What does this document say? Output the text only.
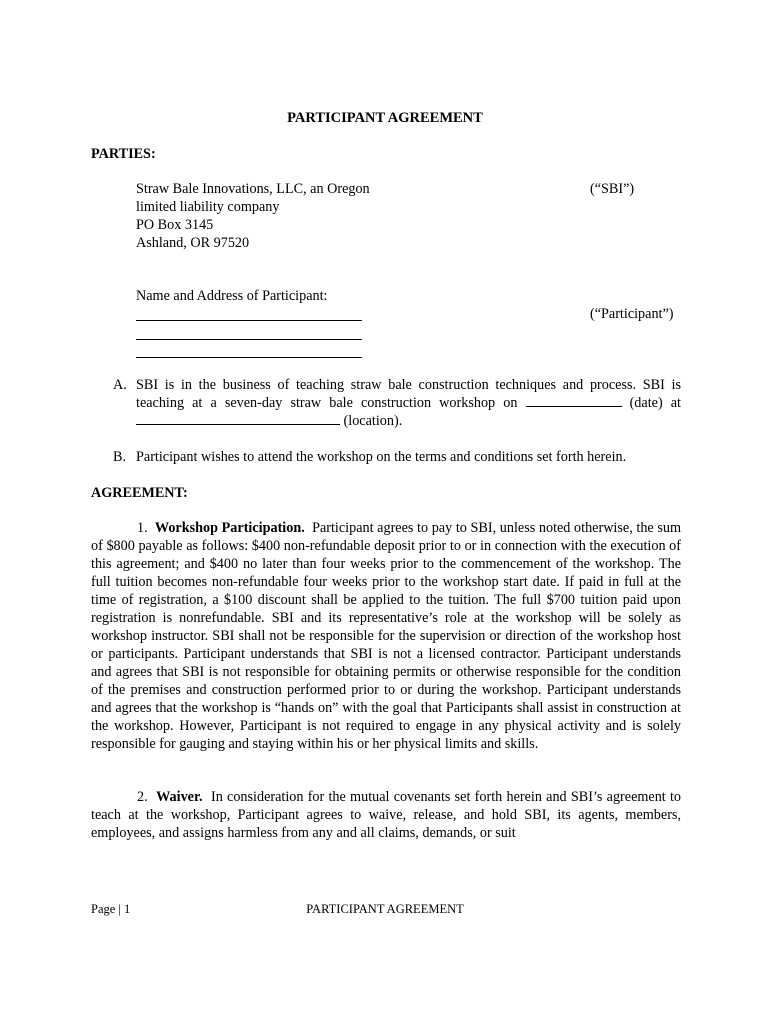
PARTICIPANT AGREEMENT
PARTIES:
Straw Bale Innovations, LLC, an Oregon
limited liability company
PO Box 3145
Ashland, OR 97520
(“SBI”)
Name and Address of Participant:
(“Participant”)
A. SBI is in the business of teaching straw bale construction techniques and process. SBI is teaching at a seven-day straw bale construction workshop on	(date) at  (location).
B. Participant wishes to attend the workshop on the terms and conditions set forth herein.
AGREEMENT:
1. Workshop Participation. Participant agrees to pay to SBI, unless noted otherwise, the sum of $800 payable as follows: $400 non-refundable deposit prior to or in connection with the execution of this agreement; and $400 no later than four weeks prior to the commencement of the workshop. The full tuition becomes non-refundable four weeks prior to the workshop start date. If paid in full at the time of registration, a $100 discount shall be applied to the tuition. The full $700 tuition paid upon registration is nonrefundable. SBI and its representative’s role at the workshop will be solely as workshop instructor. SBI shall not be responsible for the supervision or direction of the workshop host or participants. Participant understands that SBI is not a licensed contractor. Participant understands and agrees that SBI is not responsible for obtaining permits or otherwise responsible for the condition of the premises and construction performed prior to or during the workshop. Participant understands and agrees that the workshop is “hands on” with the goal that Participants shall assist in construction at the workshop. However, Participant is not required to engage in any physical activity and is solely responsible for gauging and staying within his or her physical limits and skills.
2. Waiver. In consideration for the mutual covenants set forth herein and SBI’s agreement to teach at the workshop, Participant agrees to waive, release, and hold SBI, its agents, members, employees, and assigns harmless from any and all claims, demands, or suit
Page | 1	PARTICIPANT AGREEMENT
